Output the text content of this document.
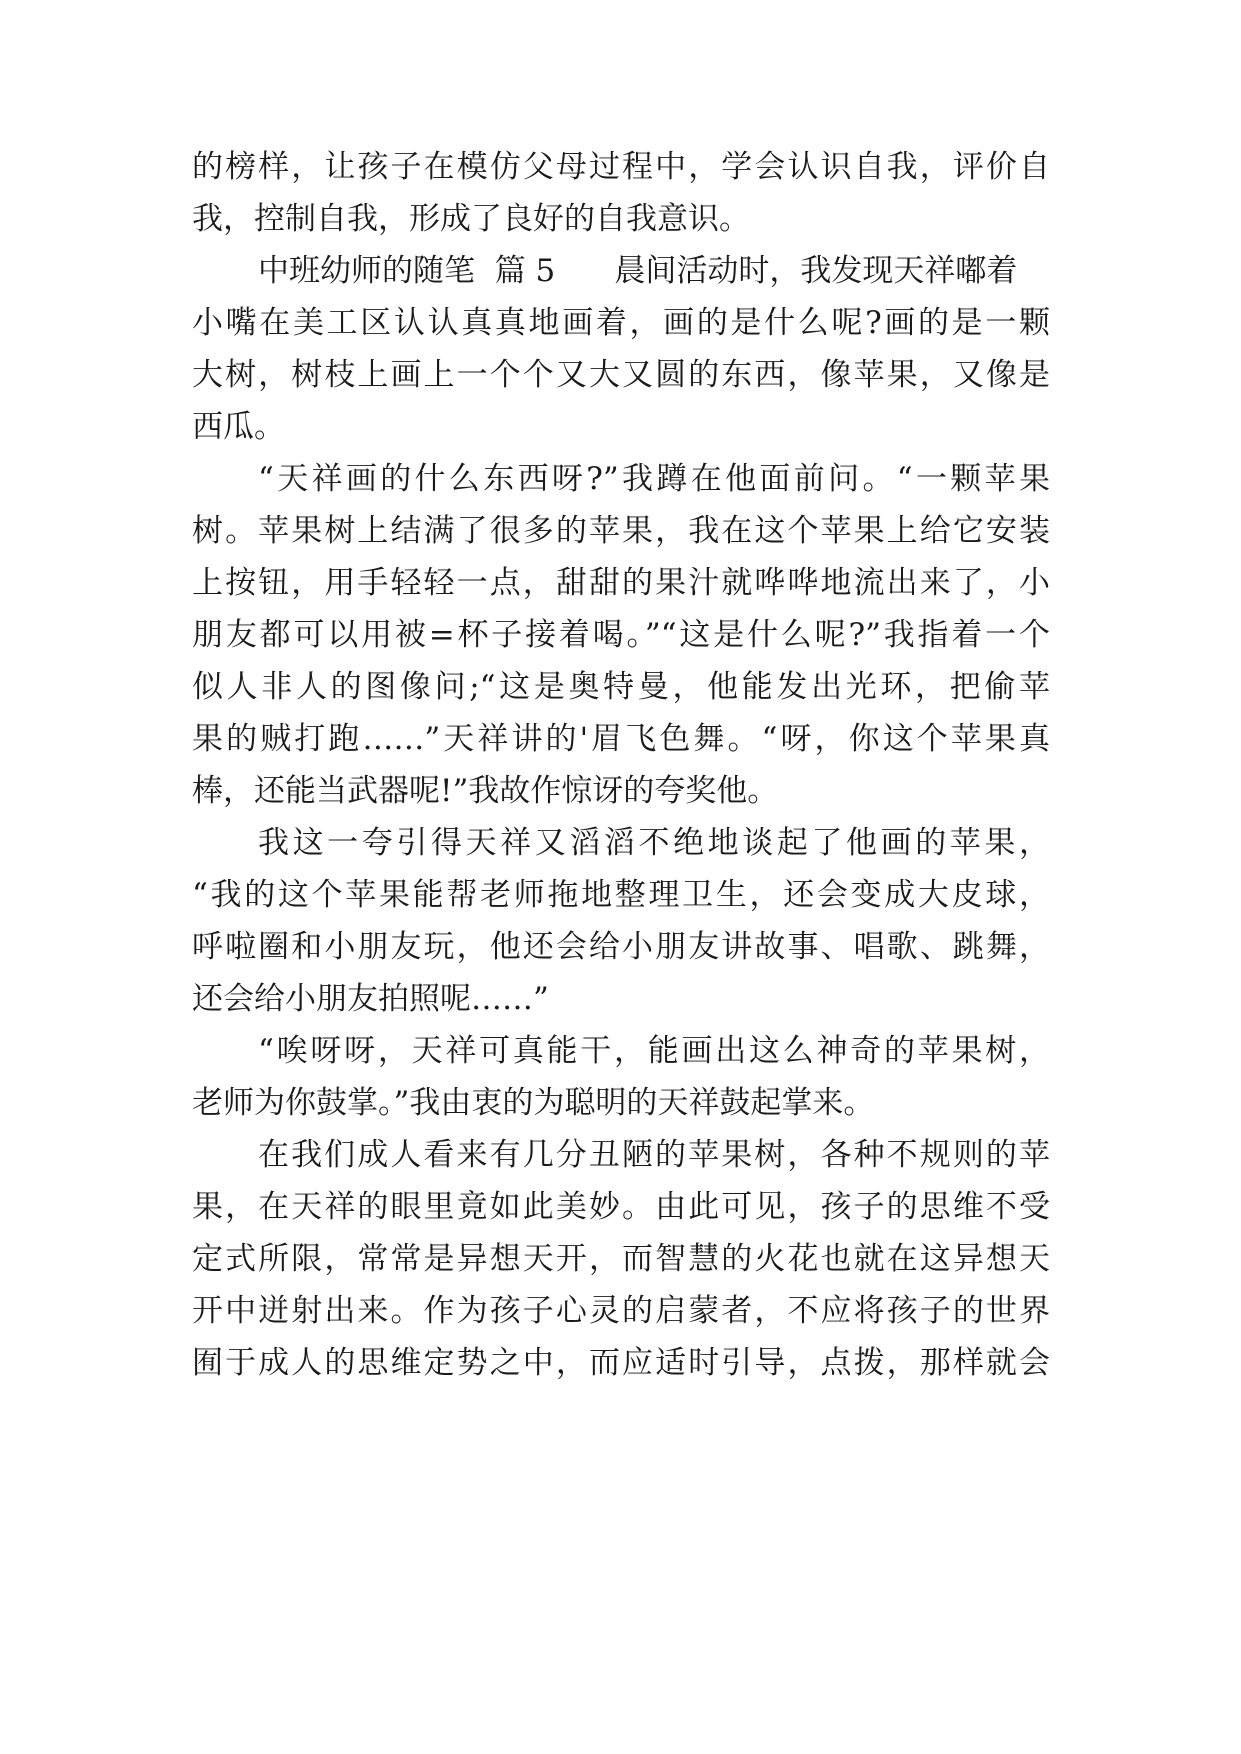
的榜样，让孩子在模仿父母过程中，学会认识自我，评价自
我，控制自我，形成了良好的自我意识。
中班幼师的随笔  篇 5      晨间活动时，我发现天祥嘟着
小嘴在美工区认认真真地画着，画的是什么呢?画的是一颗
大树，树枝上画上一个个又大又圆的东西，像苹果，又像是
西瓜。
“天祥画的什么东西呀?”我蹲在他面前问。“一颗苹果
树。苹果树上结满了很多的苹果，我在这个苹果上给它安装
上按钮，用手轻轻一点，甜甜的果汁就哗哗地流出来了，小
朋友都可以用被=杯子接着喝。”“这是什么呢?”我指着一个
似人非人的图像问;“这是奥特曼，他能发出光环，把偷苹
果的贼打跑……”天祥讲的'眉飞色舞。“呀，你这个苹果真
棒，还能当武器呢!”我故作惊讶的夸奖他。
我这一夸引得天祥又滔滔不绝地谈起了他画的苹果，
“我的这个苹果能帮老师拖地整理卫生，还会变成大皮球，
呼啦圈和小朋友玩，他还会给小朋友讲故事、唱歌、跳舞，
还会给小朋友拍照呢……”
“唉呀呀，天祥可真能干，能画出这么神奇的苹果树，
老师为你鼓掌。”我由衷的为聪明的天祥鼓起掌来。
在我们成人看来有几分丑陋的苹果树，各种不规则的苹
果，在天祥的眼里竟如此美妙。由此可见，孩子的思维不受
定式所限，常常是异想天开，而智慧的火花也就在这异想天
开中迸射出来。作为孩子心灵的启蒙者，不应将孩子的世界
囿于成人的思维定势之中，而应适时引导，点拨，那样就会
